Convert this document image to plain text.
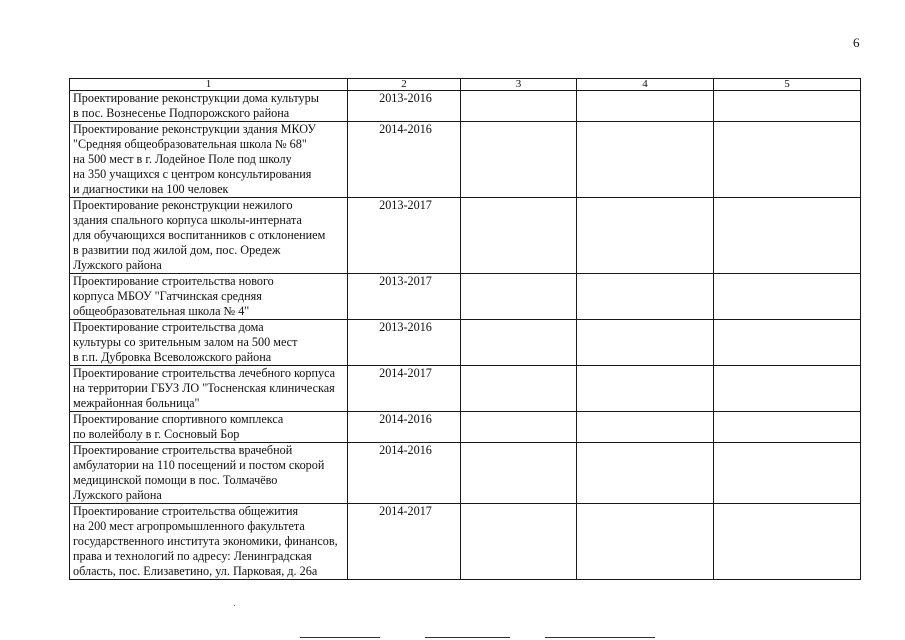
6
1	2	3	4	5
Проектирование реконструкции дома культуры
в пос. Вознесенье Подпорожского района	2013-2016			
Проектирование реконструкции здания МКОУ
"Средняя общеобразовательная школа № 68"
на 500 мест в г. Лодейное Поле под школу
на 350 учащихся с центром консультирования
и диагностики на 100 человек	2014-2016			
Проектирование реконструкции нежилого
здания спального корпуса школы-интерната
для обучающихся воспитанников с отклонением
в развитии под жилой дом, пос. Оредеж
Лужского района	2013-2017			
Проектирование строительства нового
корпуса МБОУ "Гатчинская средняя
общеобразовательная школа № 4"	2013-2017			
Проектирование строительства дома
культуры со зрительным залом на 500 мест
в г.п. Дубровка Всеволожского района	2013-2016			
Проектирование строительства лечебного корпуса
на территории ГБУЗ ЛО "Тосненская клиническая
межрайонная больница"	2014-2017			
Проектирование спортивного комплекса
по волейболу в г. Сосновый Бор	2014-2016			
Проектирование строительства врачебной
амбулатории на 110 посещений и постом скорой
медицинской помощи в пос. Толмачёво
Лужского района	2014-2016			
Проектирование строительства общежития
на 200 мест агропромышленного факультета
государственного института экономики, финансов,
права и технологий по адресу: Ленинградская
область, пос. Елизаветино, ул. Парковая, д. 26а	2014-2017			
